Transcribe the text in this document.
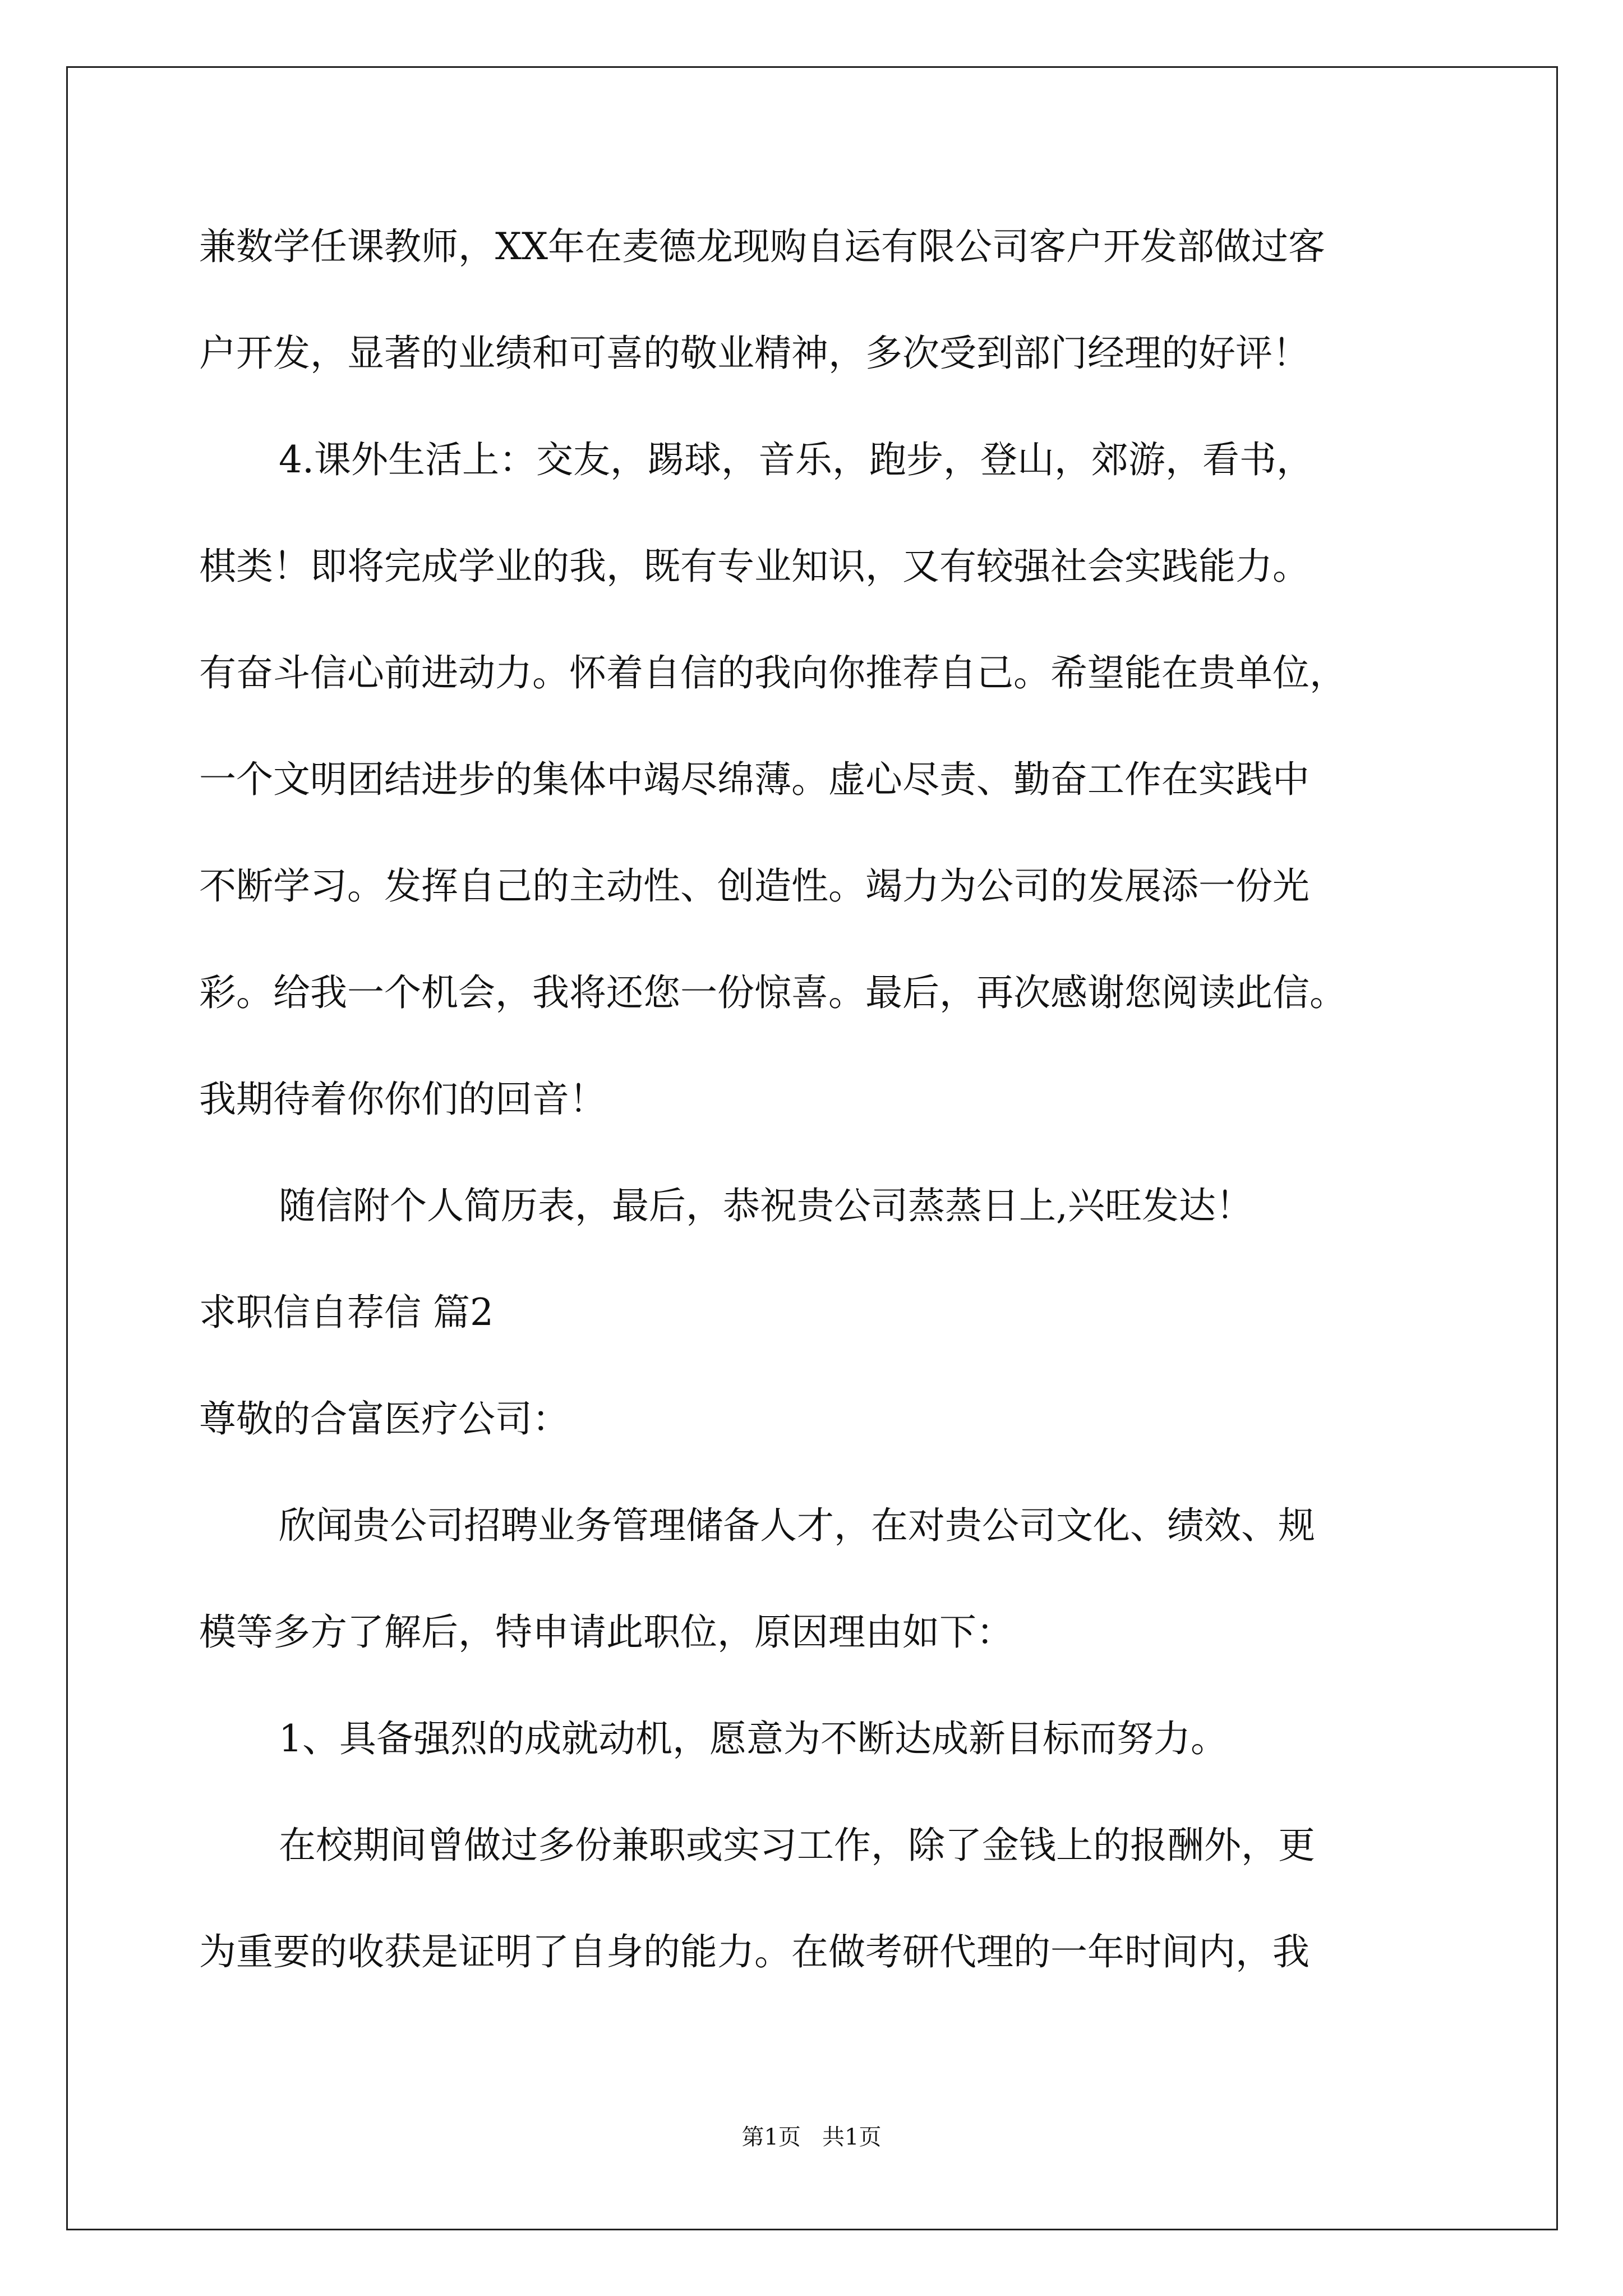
兼数学任课教师，XX年在麦德龙现购自运有限公司客户开发部做过客
户开发，显著的业绩和可喜的敬业精神，多次受到部门经理的好评！
4.课外生活上：交友，踢球，音乐，跑步，登山，郊游，看书，
棋类！即将完成学业的我，既有专业知识，又有较强社会实践能力。
有奋斗信心前进动力。怀着自信的我向你推荐自己。希望能在贵单位，
一个文明团结进步的集体中竭尽绵薄。虚心尽责、勤奋工作在实践中
不断学习。发挥自己的主动性、创造性。竭力为公司的发展添一份光
彩。给我一个机会，我将还您一份惊喜。最后，再次感谢您阅读此信。
我期待着你你们的回音！
随信附个人简历表，最后，恭祝贵公司蒸蒸日上,兴旺发达！
求职信自荐信 篇2
尊敬的合富医疗公司：
欣闻贵公司招聘业务管理储备人才，在对贵公司文化、绩效、规
模等多方了解后，特申请此职位，原因理由如下：
1、具备强烈的成就动机，愿意为不断达成新目标而努力。
在校期间曾做过多份兼职或实习工作，除了金钱上的报酬外，更
为重要的收获是证明了自身的能力。在做考研代理的一年时间内，我
第1页   共1页
